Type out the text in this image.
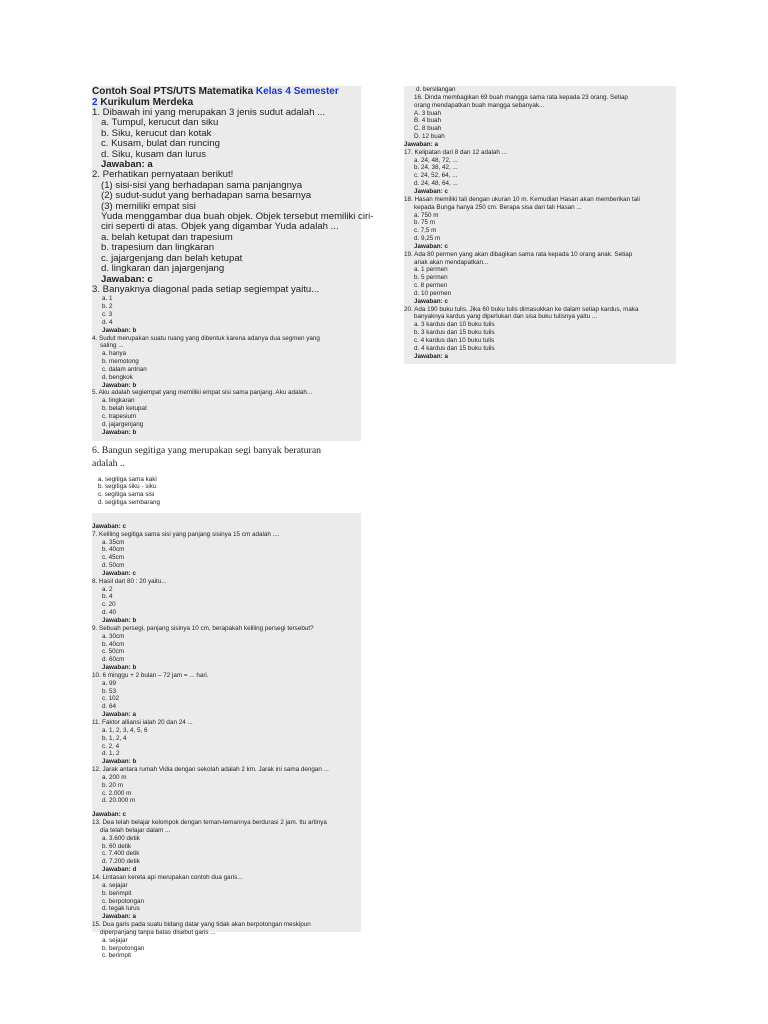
Contoh Soal PTS/UTS Matematika Kelas 4 Semester

2 Kurikulum Merdeka

1. Dibawah ini yang merupakan 3 jenis sudut adalah ...

a. Tumpul, kerucut dan siku

b. Siku, kerucut dan kotak

c. Kusam, bulat dan runcing

d. Siku, kusam dan lurus

Jawaban: a

2. Perhatikan pernyataan berikut!

(1) sisi-sisi yang berhadapan sama panjangnya

(2) sudut-sudut yang berhadapan sama besarnya

(3) memiliki empat sisi

Yuda menggambar dua buah objek. Objek tersebut memiliki ciri-

ciri seperti di atas. Objek yang digambar Yuda adalah ...

a. belah ketupat dan trapesium

b. trapesium dan lingkaran

c. jajargenjang dan belah ketupat

d. lingkaran dan jajargenjang

Jawaban: c

3. Banyaknya diagonal pada setiap segiempat yaitu...

a. 1

b. 2

c. 3

d. 4

Jawaban: b

4. Sudut merupakan suatu ruang yang dibentuk karena adanya dua segmen yang

saling ...

a. hanya

b. memotong

c. dalam antrian

d. bengkok

Jawaban: b

5. Aku adalah segiempat yang memiliki empat sisi sama panjang. Aku adalah...

a. lingkaran

b. belah ketupat

c. trapesium

d. jajargenjang

Jawaban: b

6. Bangun segitiga yang merupakan segi banyak beraturan

adalah ..

a. segitiga sama kaki
b. segitiga siku - siku
c. segitiga sama sisi
d. segitiga sembarang

Jawaban: c

7. Keliling segitiga sama sisi yang panjang sisinya 15 cm adalah ....

a. 35cm

b. 40cm

c. 45cm

d. 50cm

Jawaban: c

8. Hasil dari 80 : 20 yaitu...

a. 2

b. 4

c. 20

d. 40

Jawaban: b

9. Sebuah persegi, panjang sisinya 10 cm, berapakah keliling persegi tersebut?

a. 30cm

b. 40cm

c. 50cm

d. 60cm

Jawaban: b

10. 6 minggu + 2 bulan – 72 jam = ... hari.

a. 99

b. 53

c. 102

d. 64

Jawaban: a

11. Faktor alliansi ialah 20 dan 24 ...

a. 1, 2, 3, 4, 5, 6

b. 1, 2, 4

c. 2, 4

d. 1, 2

Jawaban: b

12. Jarak antara rumah Vidia dengan sekolah adalah 2 km. Jarak ini sama dengan ...

a. 200 m

b. 20 m

c. 2.000 m

d. 20.000 m

Jawaban: c

13. Dea telah belajar kelompok dengan teman-temannya berdurasi 2 jam. Itu artinya

dia telah belajar dalam ...

a. 3.600 detik

b. 60 detik

c. 7.400 detik

d. 7.200 detik

Jawaban: d

14. Lintasan kereta api merupakan contoh dua garis...

a. sejajar

b. berimpit

c. berpotongan

d. tegak lurus

Jawaban: a

15. Dua garis pada suatu bidang datar yang tidak akan berpotongan meskipun

diperpanjang tanpa batas disebut garis ...

a. sejajar

b. berpotongan

c. berimpit

d. bersilangan

16. Dinda membagikan 69 buah mangga sama rata kepada 23 orang. Setiap

orang mendapatkan buah mangga sebanyak...

A. 3 buah

B. 4 buah

C. 8 buah

D. 12 buah

Jawaban: a

17. Kelipatan dari 8 dan 12 adalah ...

a. 24, 48, 72, ...

b. 24, 38, 42, ...

c. 24, 52, 64, ...

d. 24, 48, 64, ...

Jawaban: c

18. Hasan memiliki tali dengan ukuran 10 m. Kemudian Hasan akan memberikan tali

kepada Bunga hanya 250 cm. Berapa sisa dari tali Hasan ...

a. 750 m

b. 75 m

c. 7,5 m

d. 9,25 m

Jawaban: c

19. Ada 80 permen yang akan dibagikan sama rata kepada 10 orang anak. Setiap

anak akan mendapatkan...

a. 1 permen

b. 5 permen

c. 8 permen

d. 10 permen

Jawaban: c

20. Ada 190 buku tulis. Jika 60 buku tulis dimasukkan ke dalam setiap kardus, maka

banyaknya kardus yang diperlukan dan sisa buku tulisnya yaitu ...

a. 3 kardus dan 10 buku tulis

b. 3 kardus dan 15 buku tulis

c. 4 kardus dan 10 buku tulis

d. 4 kardus dan 15 buku tulis

Jawaban: a
